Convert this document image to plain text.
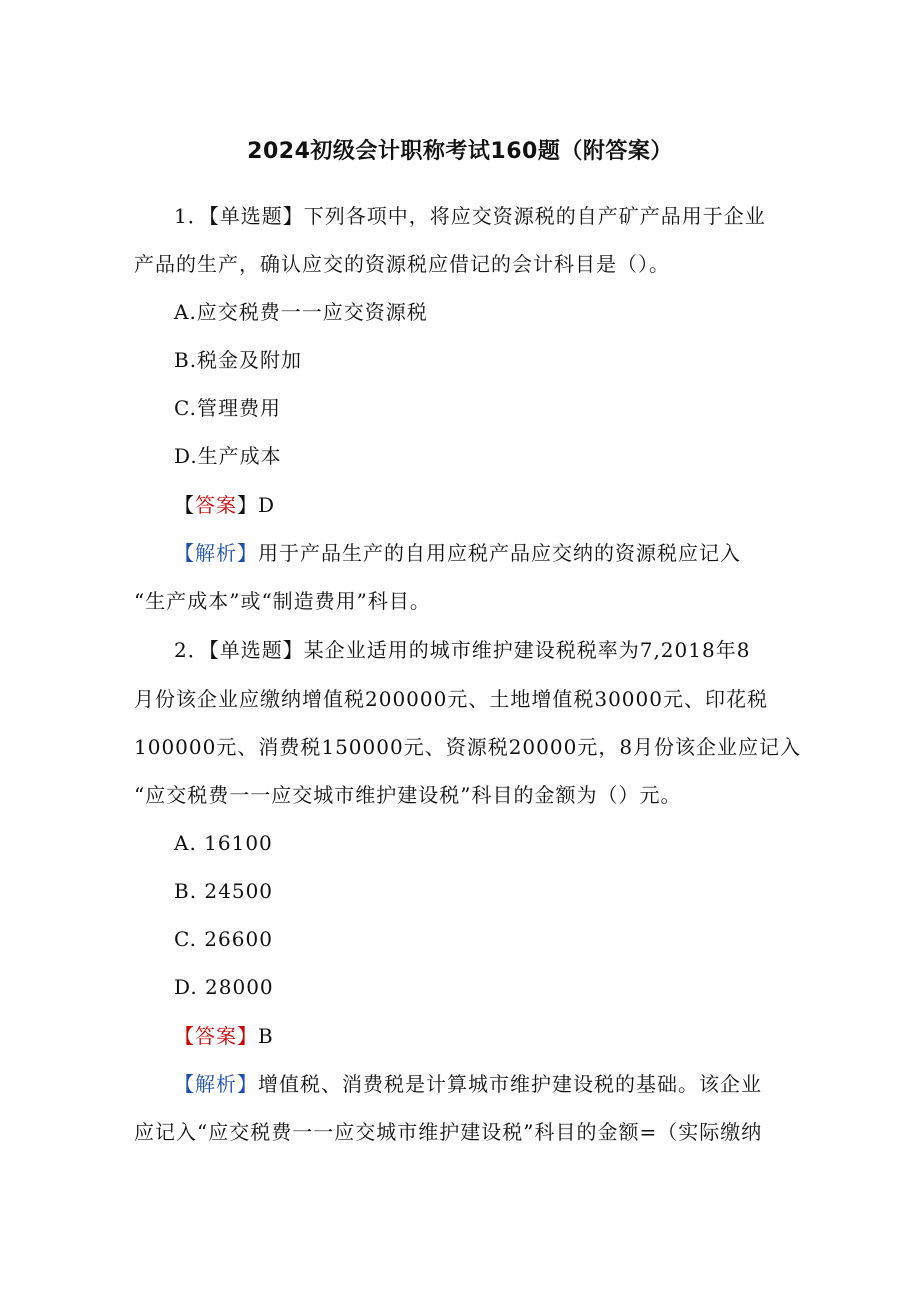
2024初级会计职称考试160题（附答案）
1．【单选题】下列各项中，将应交资源税的自产矿产品用于企业
产品的生产，确认应交的资源税应借记的会计科目是（）。
A.应交税费一一应交资源税
B.税金及附加
C.管理费用
D.生产成本
【答案】D
【解析】用于产品生产的自用应税产品应交纳的资源税应记入
“生产成本”或“制造费用”科目。
2．【单选题】某企业适用的城市维护建设税税率为7,2018年8
月份该企业应缴纳增值税200000元、土地增值税30000元、印花税
100000元、消费税150000元、资源税20000元，8月份该企业应记入
“应交税费一一应交城市维护建设税”科目的金额为（）元。
A. 16100
B. 24500
C. 26600
D. 28000
【答案】B
【解析】增值税、消费税是计算城市维护建设税的基础。该企业
应记入“应交税费一一应交城市维护建设税”科目的金额=（实际缴纳
